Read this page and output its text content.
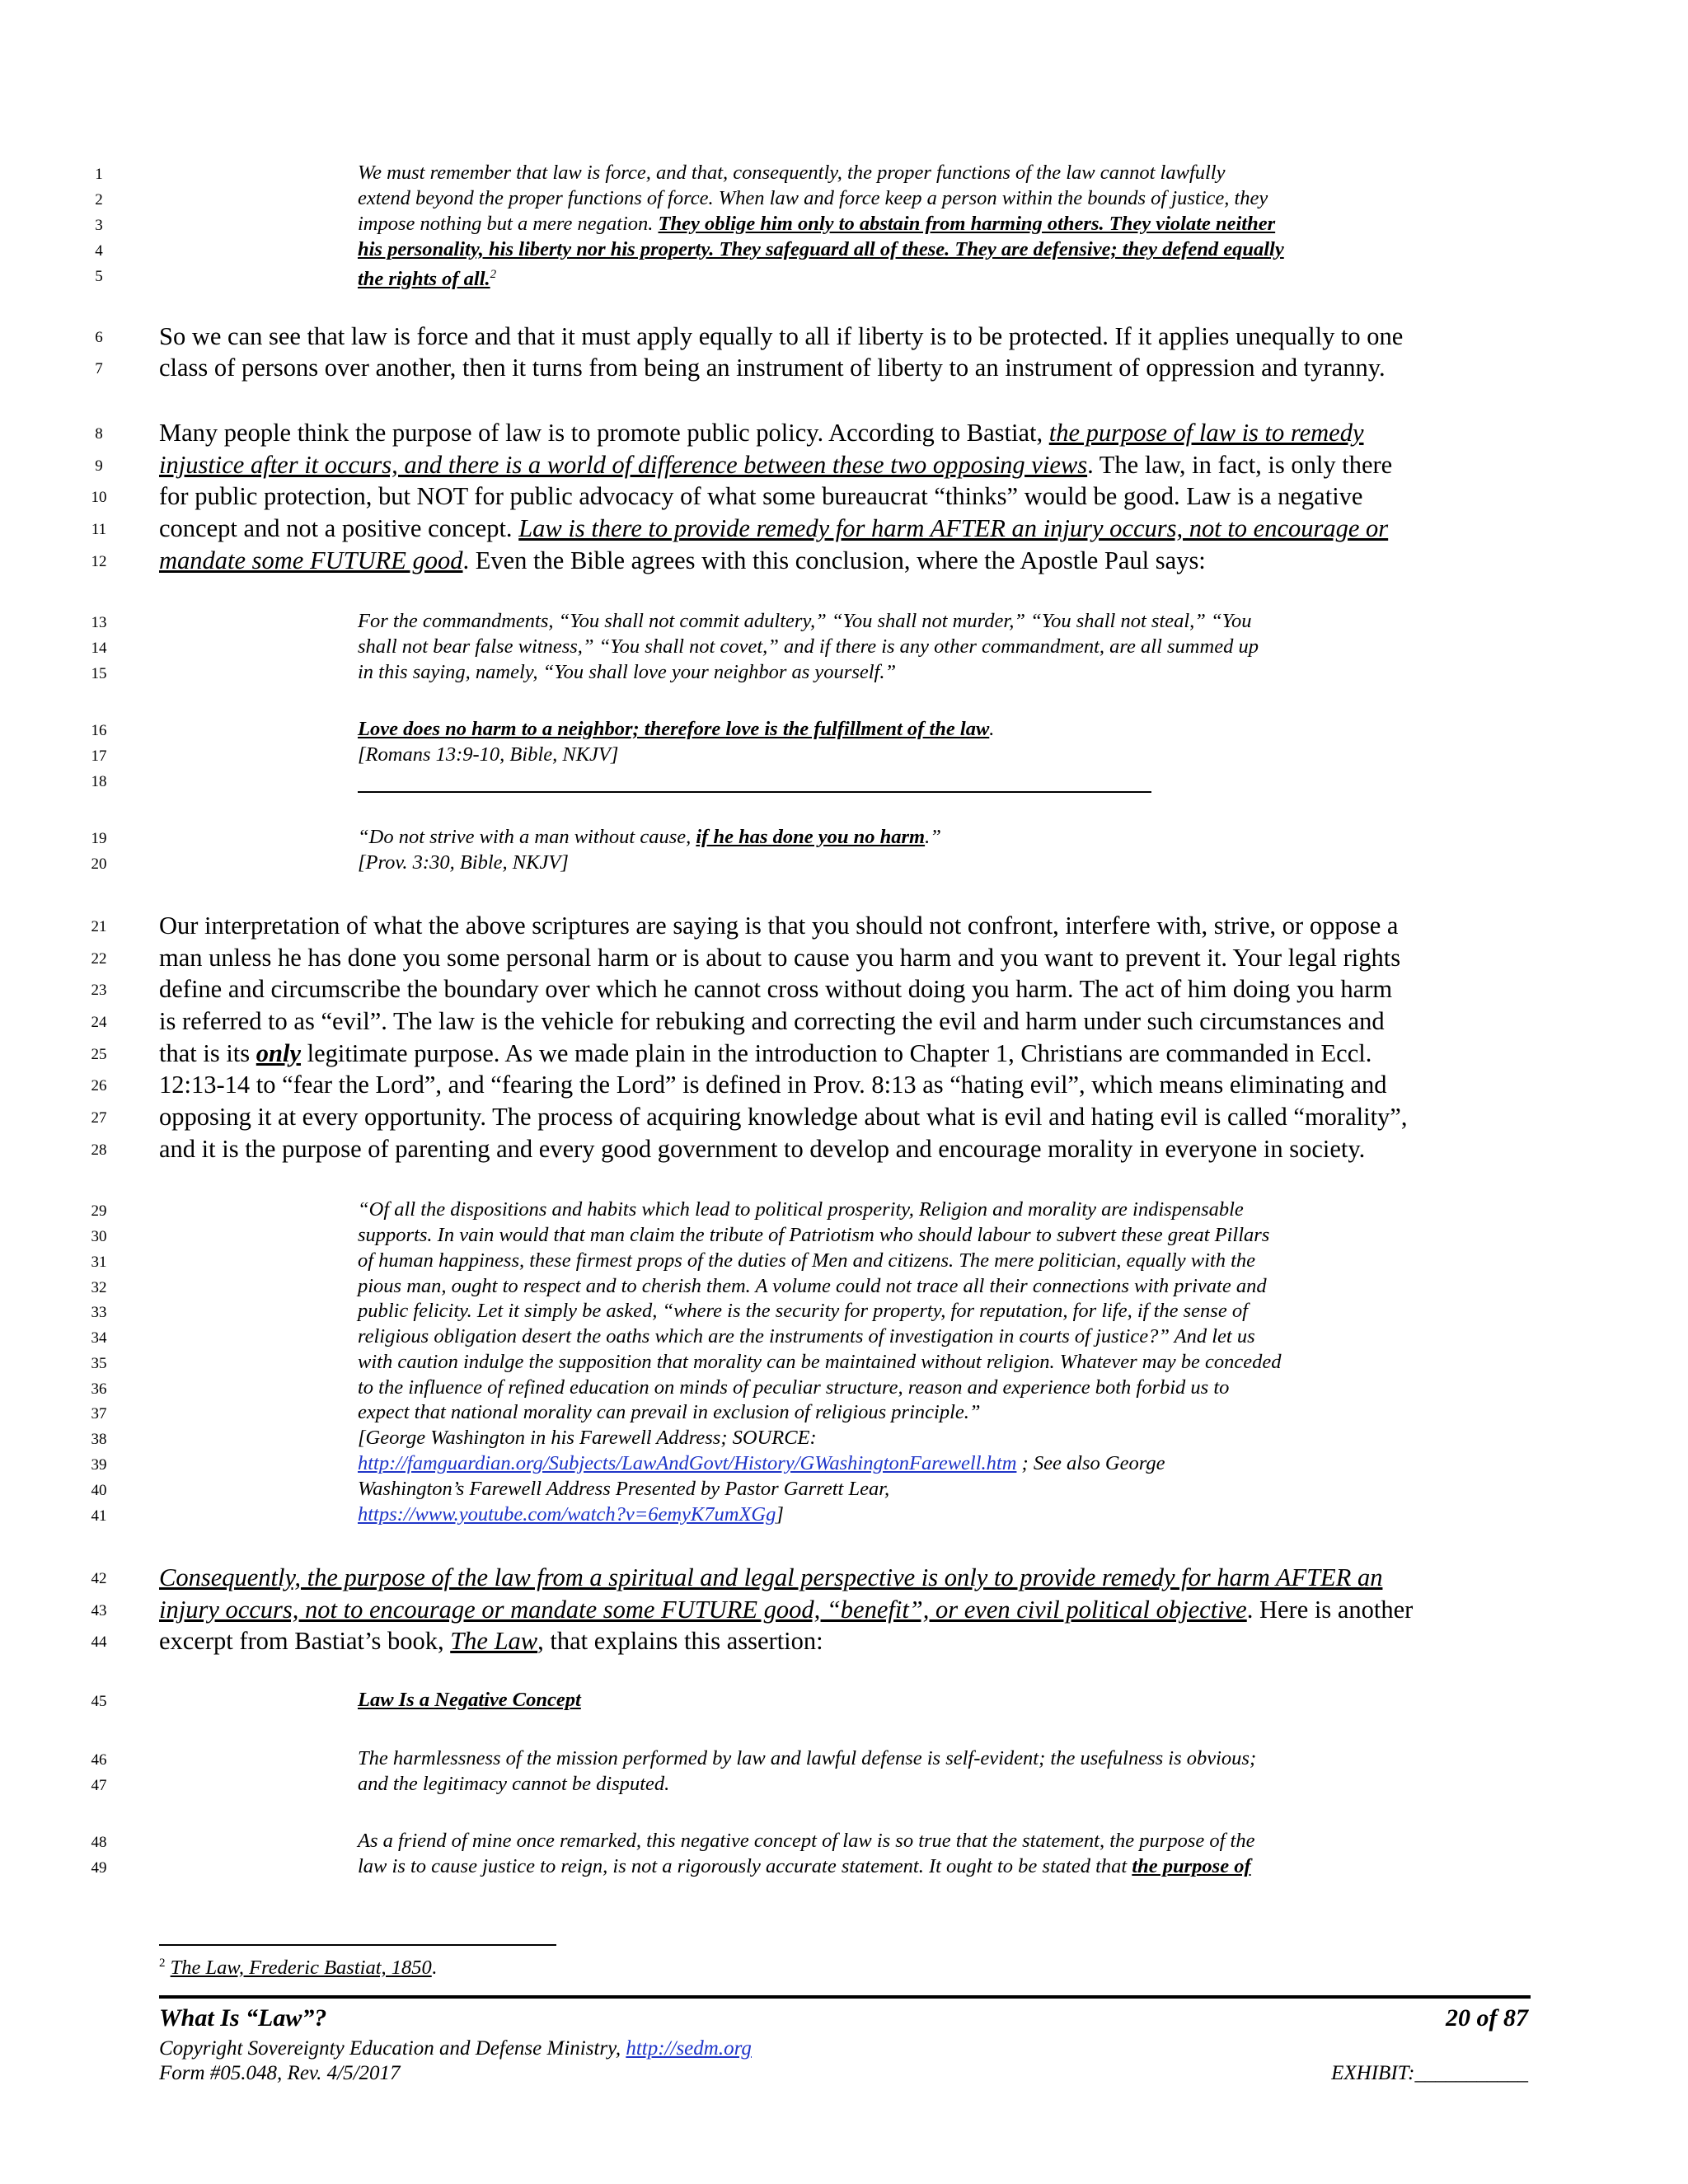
1
2
3
4
5
6
7
8
9
10
11
12
13
14
15
16
17
18
19
20
21
22
23
24
25
26
27
28
29
30
31
32
33
34
35
36
37
38
39
40
41
42
43
44
45
46
47
48
49
We must remember that law is force, and that, consequently, the proper functions of the law cannot lawfully
extend beyond the proper functions of force. When law and force keep a person within the bounds of justice, they
impose nothing but a mere negation. They oblige him only to abstain from harming others. They violate neither
his personality, his liberty nor his property. They safeguard all of these. They are defensive; they defend equally
the rights of all.$^2$
So we can see that law is force and that it must apply equally to all if liberty is to be protected. If it applies unequally to one
class of persons over another, then it turns from being an instrument of liberty to an instrument of oppression and tyranny.
Many people think the purpose of law is to promote public policy. According to Bastiat, the purpose of law is to remedy
injustice after it occurs, and there is a world of difference between these two opposing views. The law, in fact, is only there
for public protection, but NOT for public advocacy of what some bureaucrat “thinks” would be good. Law is a negative
concept and not a positive concept. Law is there to provide remedy for harm AFTER an injury occurs, not to encourage or
mandate some FUTURE good. Even the Bible agrees with this conclusion, where the Apostle Paul says:
For the commandments, “You shall not commit adultery,” “You shall not murder,” “You shall not steal,” “You
shall not bear false witness,” “You shall not covet,” and if there is any other commandment, are all summed up
in this saying, namely, “You shall love your neighbor as yourself.”
Love does no harm to a neighbor; therefore love is the fulfillment of the law.
[Romans 13:9-10, Bible, NKJV]
“Do not strive with a man without cause, if he has done you no harm.”
[Prov. 3:30, Bible, NKJV]
Our interpretation of what the above scriptures are saying is that you should not confront, interfere with, strive, or oppose a
man unless he has done you some personal harm or is about to cause you harm and you want to prevent it. Your legal rights
define and circumscribe the boundary over which he cannot cross without doing you harm. The act of him doing you harm
is referred to as “evil”. The law is the vehicle for rebuking and correcting the evil and harm under such circumstances and
that is its only legitimate purpose. As we made plain in the introduction to Chapter 1, Christians are commanded in Eccl.
12:13-14 to “fear the Lord”, and “fearing the Lord” is defined in Prov. 8:13 as “hating evil”, which means eliminating and
opposing it at every opportunity. The process of acquiring knowledge about what is evil and hating evil is called “morality”,
and it is the purpose of parenting and every good government to develop and encourage morality in everyone in society.
“Of all the dispositions and habits which lead to political prosperity, Religion and morality are indispensable
supports. In vain would that man claim the tribute of Patriotism who should labour to subvert these great Pillars
of human happiness, these firmest props of the duties of Men and citizens. The mere politician, equally with the
pious man, ought to respect and to cherish them. A volume could not trace all their connections with private and
public felicity. Let it simply be asked, “where is the security for property, for reputation, for life, if the sense of
religious obligation desert the oaths which are the instruments of investigation in courts of justice?” And let us
with caution indulge the supposition that morality can be maintained without religion. Whatever may be conceded
to the influence of refined education on minds of peculiar structure, reason and experience both forbid us to
expect that national morality can prevail in exclusion of religious principle.”
[George Washington in his Farewell Address; SOURCE:
http://famguardian.org/Subjects/LawAndGovt/History/GWashingtonFarewell.htm ; See also George
Washington’s Farewell Address Presented by Pastor Garrett Lear,
https://www.youtube.com/watch?v=6emyK7umXGg]
Consequently, the purpose of the law from a spiritual and legal perspective is only to provide remedy for harm AFTER an
injury occurs, not to encourage or mandate some FUTURE good, “benefit”, or even civil political objective. Here is another
excerpt from Bastiat’s book, The Law, that explains this assertion:
Law Is a Negative Concept
The harmlessness of the mission performed by law and lawful defense is self-evident; the usefulness is obvious;
and the legitimacy cannot be disputed.
As a friend of mine once remarked, this negative concept of law is so true that the statement, the purpose of the
law is to cause justice to reign, is not a rigorously accurate statement. It ought to be stated that the purpose of
$^2$ The Law, Frederic Bastiat, 1850.
What Is “Law”?	20 of 87
Copyright Sovereignty Education and Defense Ministry, http://sedm.org
Form #05.048, Rev. 4/5/2017	EXHIBIT:___________
